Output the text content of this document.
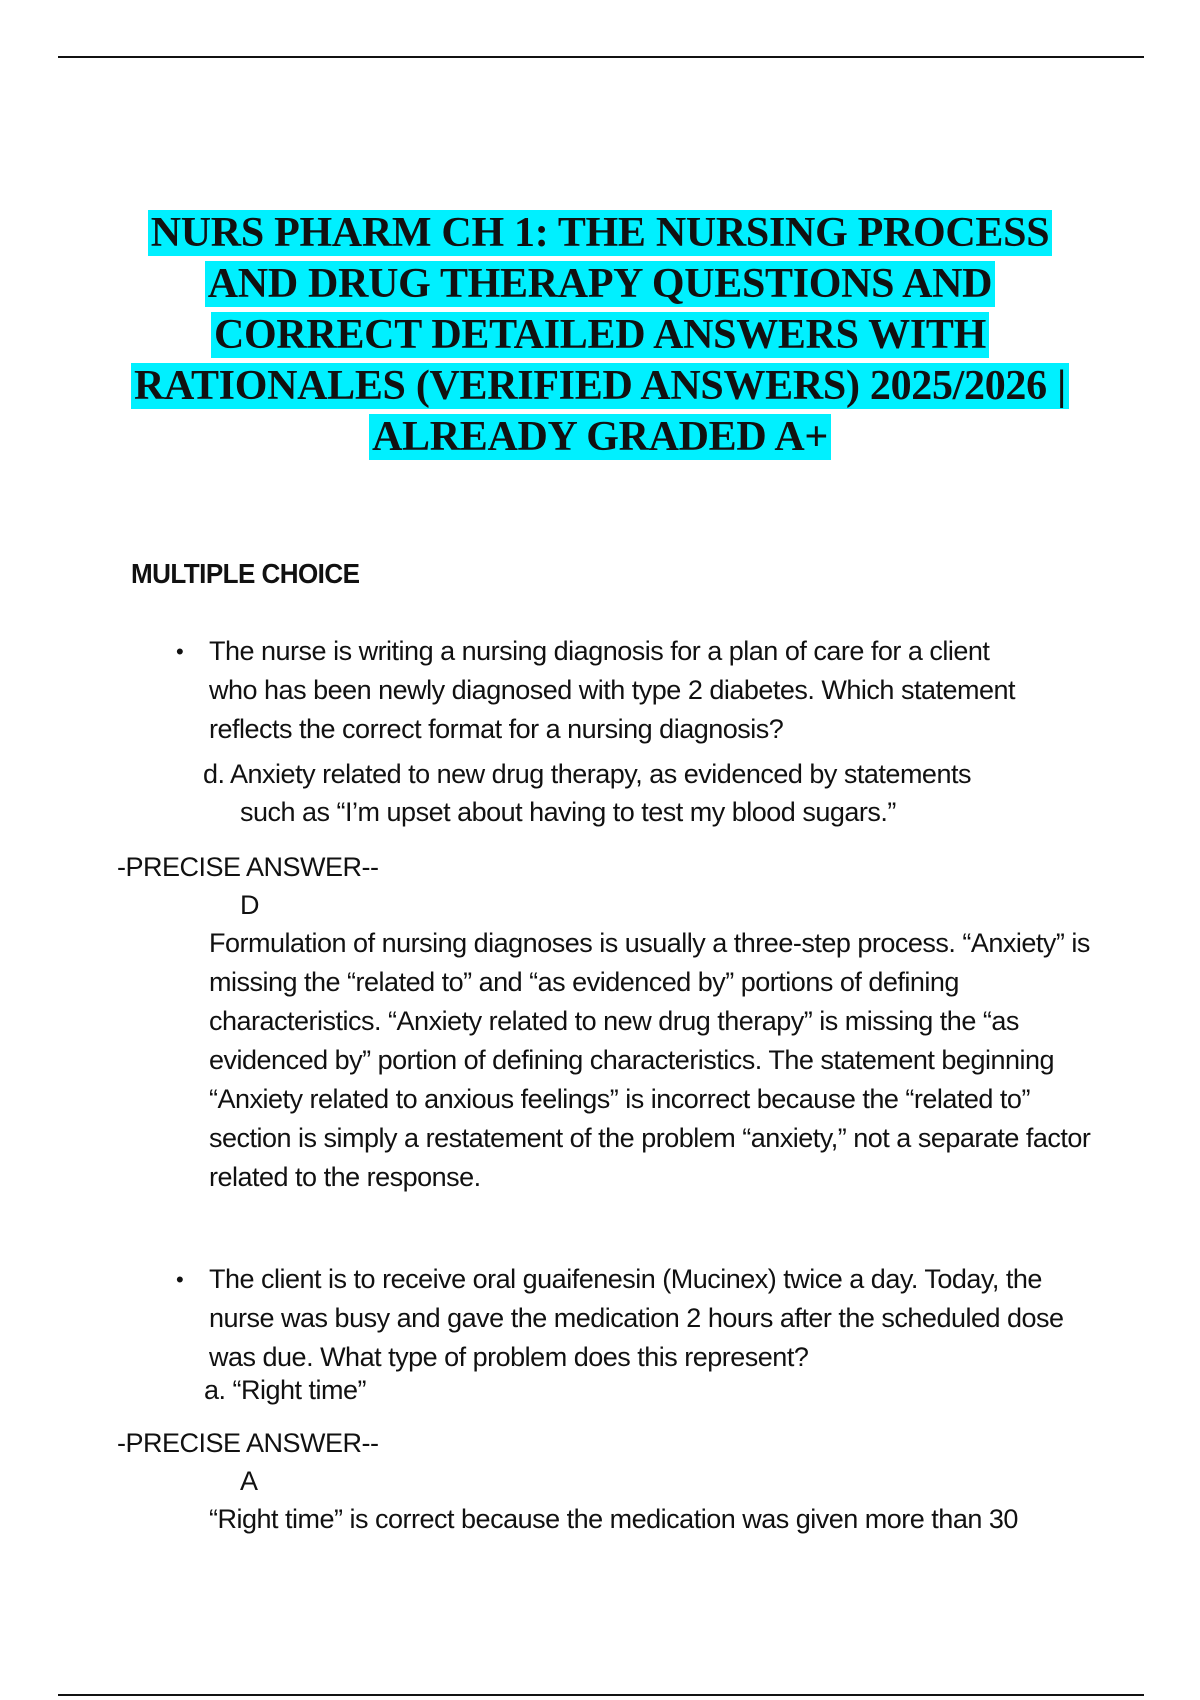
NURS PHARM CH 1: THE NURSING PROCESS
AND DRUG THERAPY QUESTIONS AND
CORRECT DETAILED ANSWERS WITH
RATIONALES (VERIFIED ANSWERS) 2025/2026 |
ALREADY GRADED A+
MULTIPLE CHOICE
• The nurse is writing a nursing diagnosis for a plan of care for a client
who has been newly diagnosed with type 2 diabetes. Which statement
reflects the correct format for a nursing diagnosis?
d. Anxiety related to new drug therapy, as evidenced by statements
such as “I’m upset about having to test my blood sugars.”
-PRECISE ANSWER--
D
Formulation of nursing diagnoses is usually a three-step process. “Anxiety” is
missing the “related to” and “as evidenced by” portions of defining
characteristics. “Anxiety related to new drug therapy” is missing the “as
evidenced by” portion of defining characteristics. The statement beginning
“Anxiety related to anxious feelings” is incorrect because the “related to”
section is simply a restatement of the problem “anxiety,” not a separate factor
related to the response.
• The client is to receive oral guaifenesin (Mucinex) twice a day. Today, the
nurse was busy and gave the medication 2 hours after the scheduled dose
was due. What type of problem does this represent?
a. “Right time”
-PRECISE ANSWER--
A
“Right time” is correct because the medication was given more than 30
